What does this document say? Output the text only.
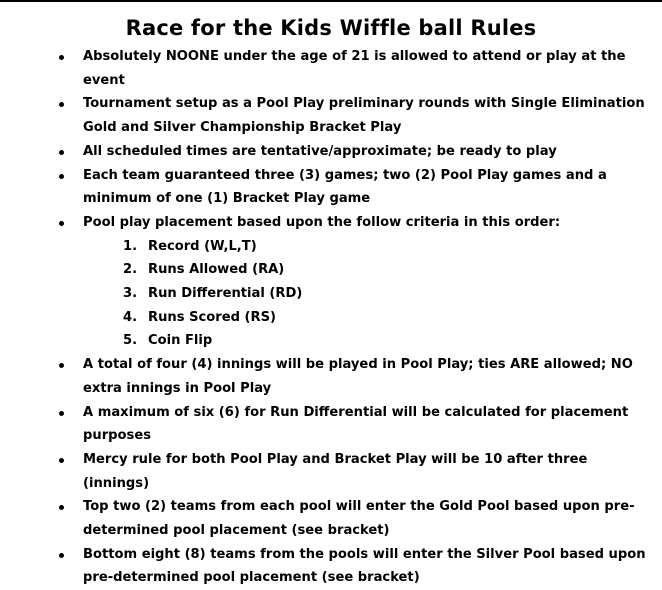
Race for the Kids Wiffle ball Rules
Absolutely NOONE under the age of 21 is allowed to attend or play at the event
Tournament setup as a Pool Play preliminary rounds with Single Elimination Gold and Silver Championship Bracket Play
All scheduled times are tentative/approximate; be ready to play
Each team guaranteed three (3) games; two (2) Pool Play games and a minimum of one (1) Bracket Play game
Pool play placement based upon the follow criteria in this order:
1. Record (W,L,T)
2. Runs Allowed (RA)
3. Run Differential (RD)
4. Runs Scored (RS)
5. Coin Flip
A total of four (4) innings will be played in Pool Play; ties ARE allowed; NO extra innings in Pool Play
A maximum of six (6) for Run Differential will be calculated for placement purposes
Mercy rule for both Pool Play and Bracket Play will be 10 after three (innings)
Top two (2) teams from each pool will enter the Gold Pool based upon pre-determined pool placement (see bracket)
Bottom eight (8) teams from the pools will enter the Silver Pool based upon pre-determined pool placement (see bracket)
